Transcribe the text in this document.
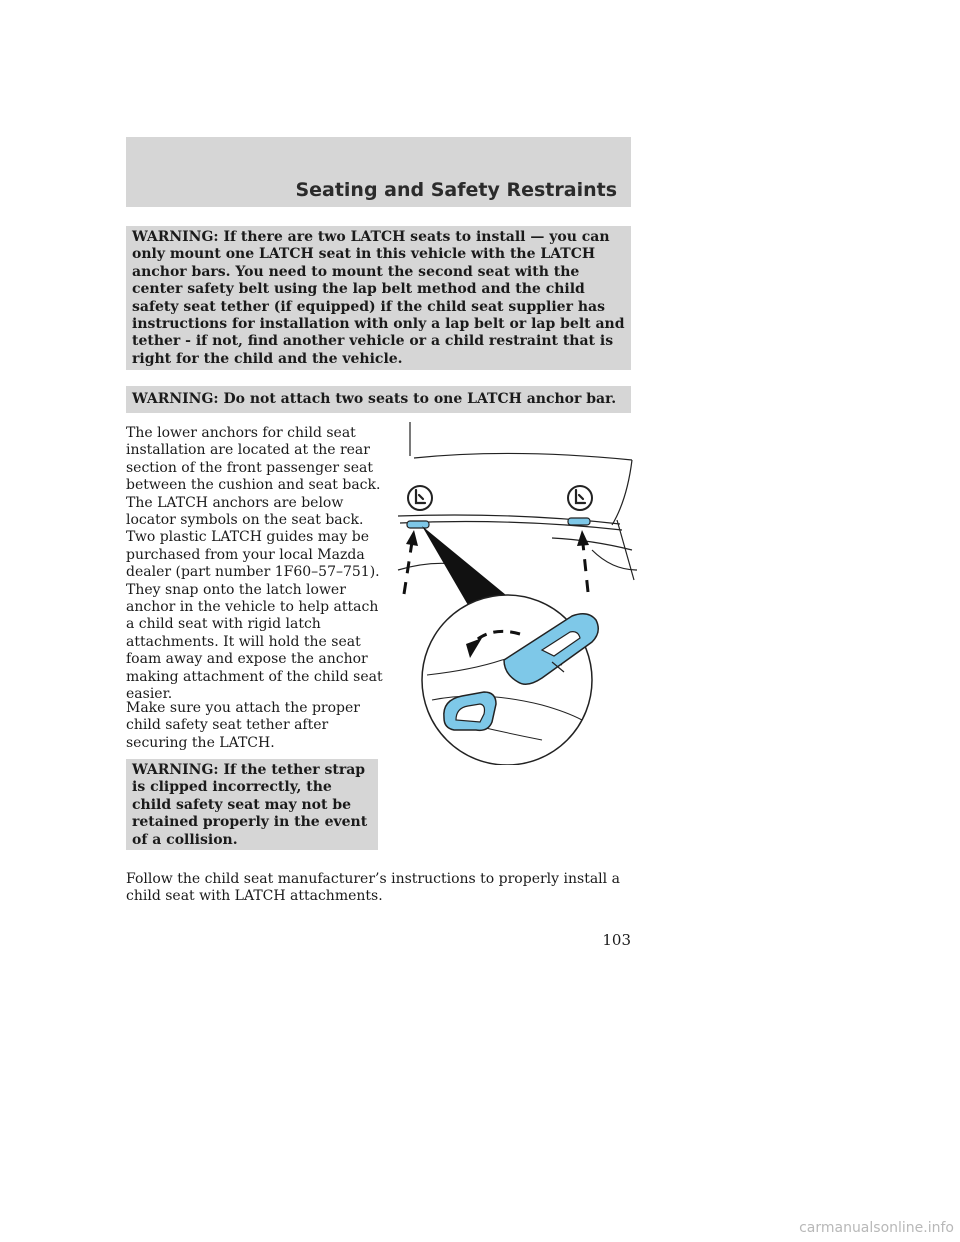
Seating and Safety Restraints
WARNING: If there are two LATCH seats to install — you can only mount one LATCH seat in this vehicle with the LATCH anchor bars. You need to mount the second seat with the center safety belt using the lap belt method and the child safety seat tether (if equipped) if the child seat supplier has instructions for installation with only a lap belt or lap belt and tether - if not, find another vehicle or a child restraint that is right for the child and the vehicle.
WARNING: Do not attach two seats to one LATCH anchor bar.
The lower anchors for child seat installation are located at the rear section of the front passenger seat between the cushion and seat back. The LATCH anchors are below locator symbols on the seat back. Two plastic LATCH guides may be purchased from your local Mazda dealer (part number 1F60–57–751). They snap onto the latch lower anchor in the vehicle to help attach a child seat with rigid latch attachments. It will hold the seat foam away and expose the anchor making attachment of the child seat easier.
Make sure you attach the proper child safety seat tether after securing the LATCH.
WARNING: If the tether strap is clipped incorrectly, the child safety seat may not be retained properly in the event of a collision.
Follow the child seat manufacturer’s instructions to properly install a child seat with LATCH attachments.
103
carmanualsonline.info
